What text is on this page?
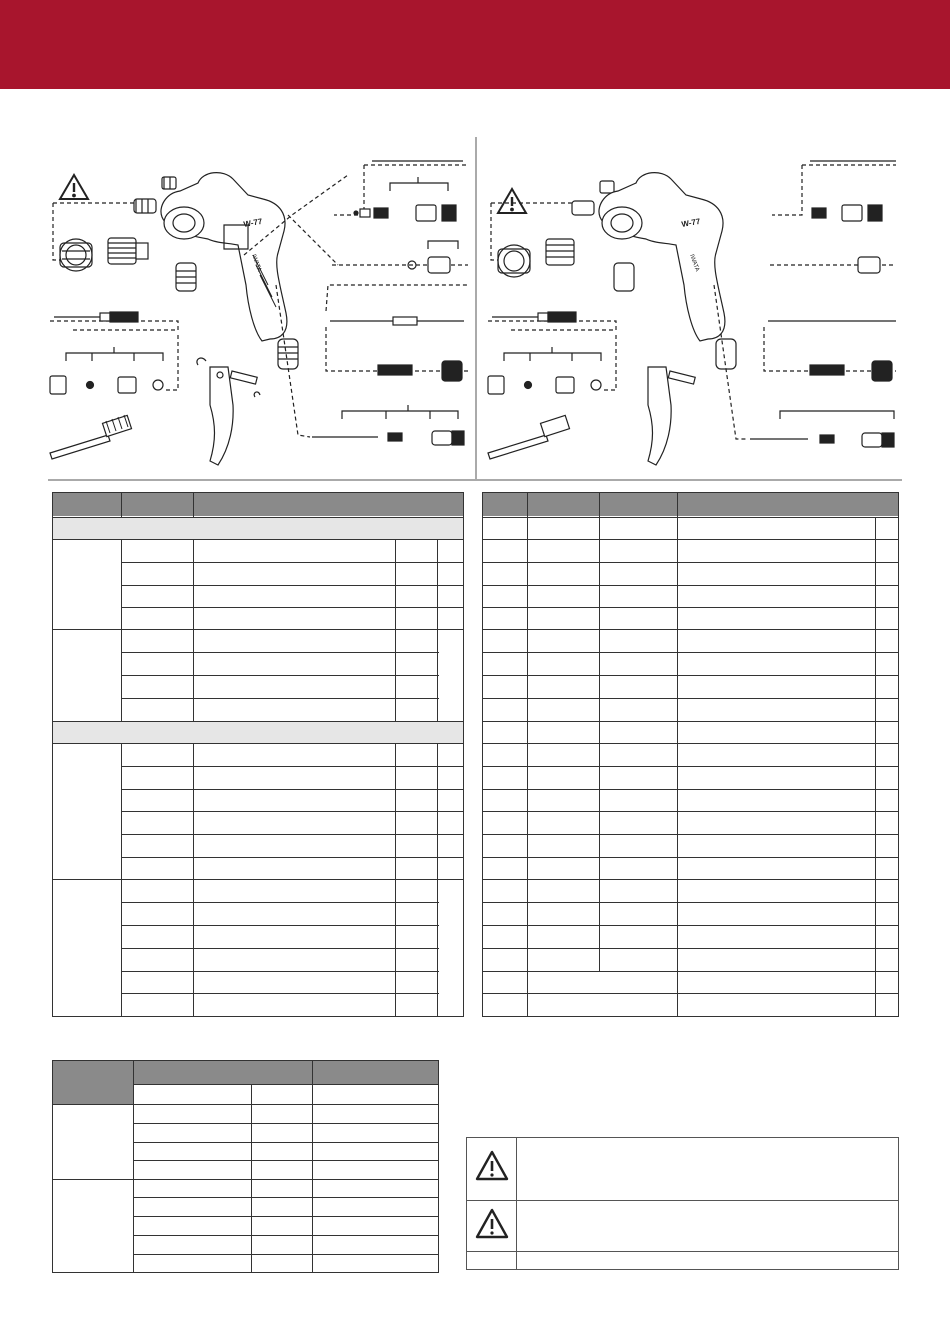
W-77
IWATA
W-77
IWATA
